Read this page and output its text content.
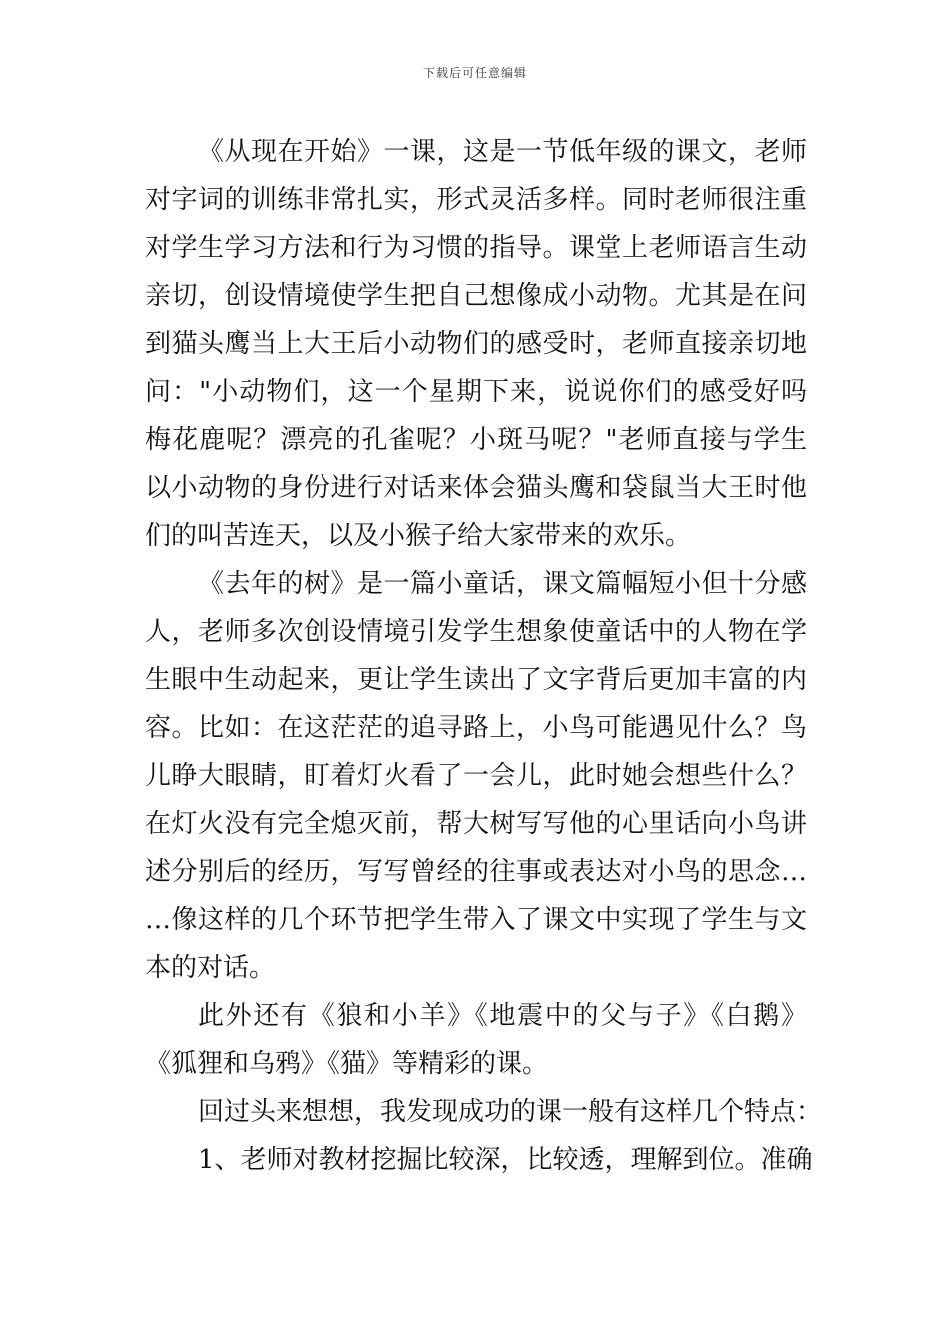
下载后可任意编辑
《从现在开始》一课，这是一节低年级的课文，老师
对字词的训练非常扎实，形式灵活多样。同时老师很注重
对学生学习方法和行为习惯的指导。课堂上老师语言生动
亲切，创设情境使学生把自己想像成小动物。尤其是在问
到猫头鹰当上大王后小动物们的感受时，老师直接亲切地
问："小动物们，这一个星期下来，说说你们的感受好吗
梅花鹿呢？漂亮的孔雀呢？小斑马呢？"老师直接与学生
以小动物的身份进行对话来体会猫头鹰和袋鼠当大王时他
们的叫苦连天，以及小猴子给大家带来的欢乐。
《去年的树》是一篇小童话，课文篇幅短小但十分感
人，老师多次创设情境引发学生想象使童话中的人物在学
生眼中生动起来，更让学生读出了文字背后更加丰富的内
容。比如：在这茫茫的追寻路上，小鸟可能遇见什么？鸟
儿睁大眼睛，盯着灯火看了一会儿，此时她会想些什么？
在灯火没有完全熄灭前，帮大树写写他的心里话向小鸟讲
述分别后的经历，写写曾经的往事或表达对小鸟的思念…
…像这样的几个环节把学生带入了课文中实现了学生与文
本的对话。
此外还有《狼和小羊》《地震中的父与子》《白鹅》
《狐狸和乌鸦》《猫》等精彩的课。
回过头来想想，我发现成功的课一般有这样几个特点：
1、老师对教材挖掘比较深，比较透，理解到位。准确
